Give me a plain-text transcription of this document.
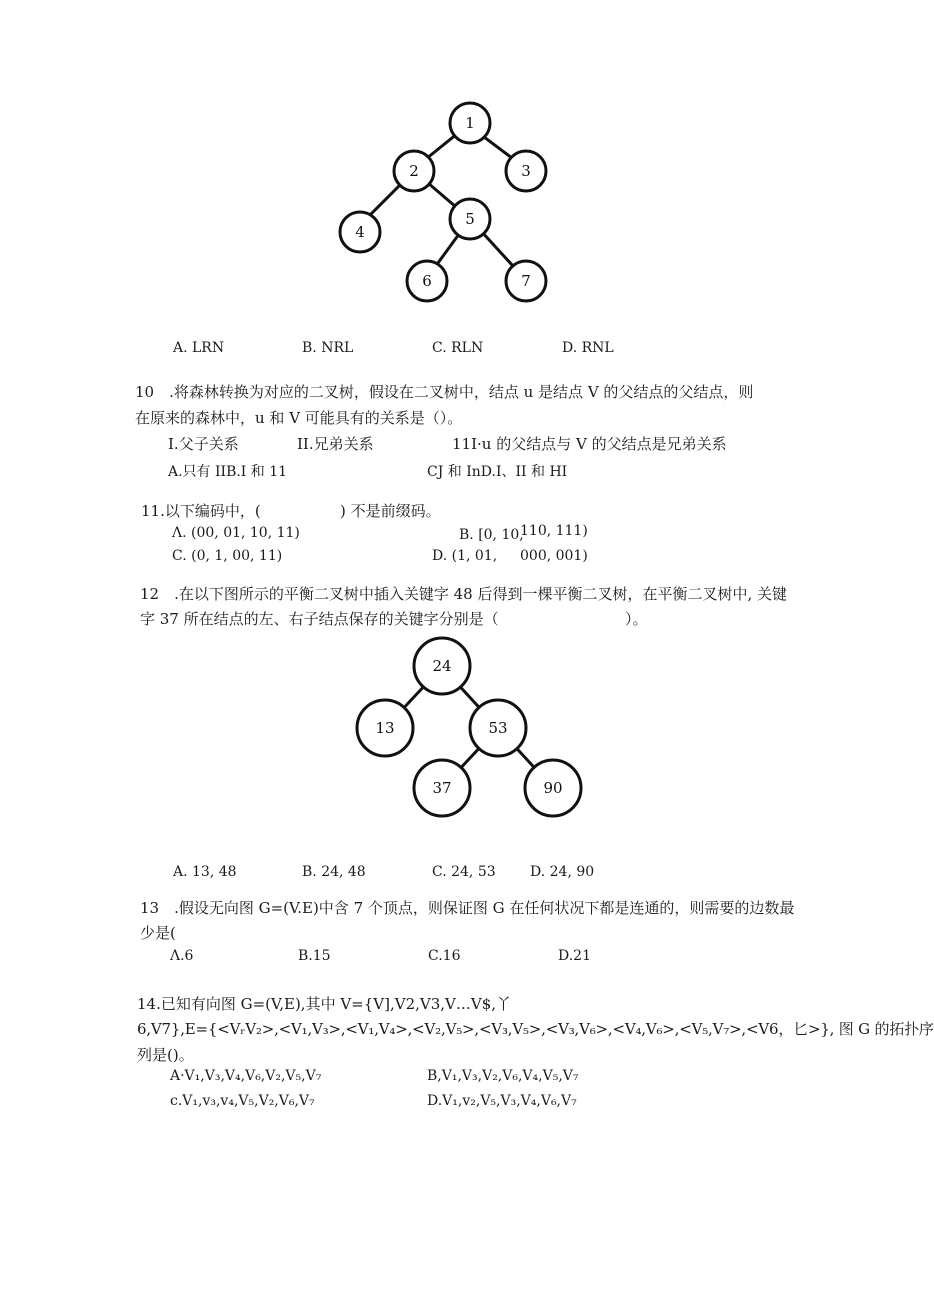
1
2	3
4
5
6	7
A. LRN	B. NRL	C. RLN	D. RNL
10　.将森林转换为对应的二叉树，假设在二叉树中，结点 u 是结点 V 的父结点的父结点，则
在原来的森林中，u 和 V 可能具有的关系是（）。
I.父子关系	II.兄弟关系	11I·u 的父结点与 V 的父结点是兄弟关系
A.只有 IIB.I 和 11	CJ 和 InD.I、II 和 HI
11.以下编码中，(	) 不是前缀码。
Λ. (00, 01, 10, 11)	B. [0, 10,
110, 111)
C. (0, 1, 00, 11)	D. (1, 01, 000, 001)
12　.在以下图所示的平衡二叉树中插入关键字 48 后得到一棵平衡二叉树，在平衡二叉树中, 关键
字 37 所在结点的左、右子结点保存的关键字分别是（	）。
24
13	53
37	90
A. 13, 48	B. 24, 48	C. 24, 53 D. 24, 90
13　.假设无向图 G=(V.E)中含 7 个顶点，则保证图 G 在任何状况下都是连通的，则需要的边数最
少是(
Λ.6	B.15	C.16	D.21
14.已知有向图 G=(V,E),其中 V={V],V2,V3,V…V$,丫
6,V7},E={<VᵣV₂>,<V₁,V₃>,<V₁,V₄>,<V₂,V₅>,<V₃,V₅>,<V₃,V₆>,<V₄,V₆>,<V₅,V₇>,<V6，匕>}, 图 G 的拓扑序
列是()。
A·V₁,V₃,V₄,V₆,V₂,V₅,V₇	B,V₁,V₃,V₂,V₆,V₄,V₅,V₇
c.V₁,v₃,v₄,V₅,V₂,V₆,V₇	D.V₁,v₂,V₅,V₃,V₄,V₆,V₇
